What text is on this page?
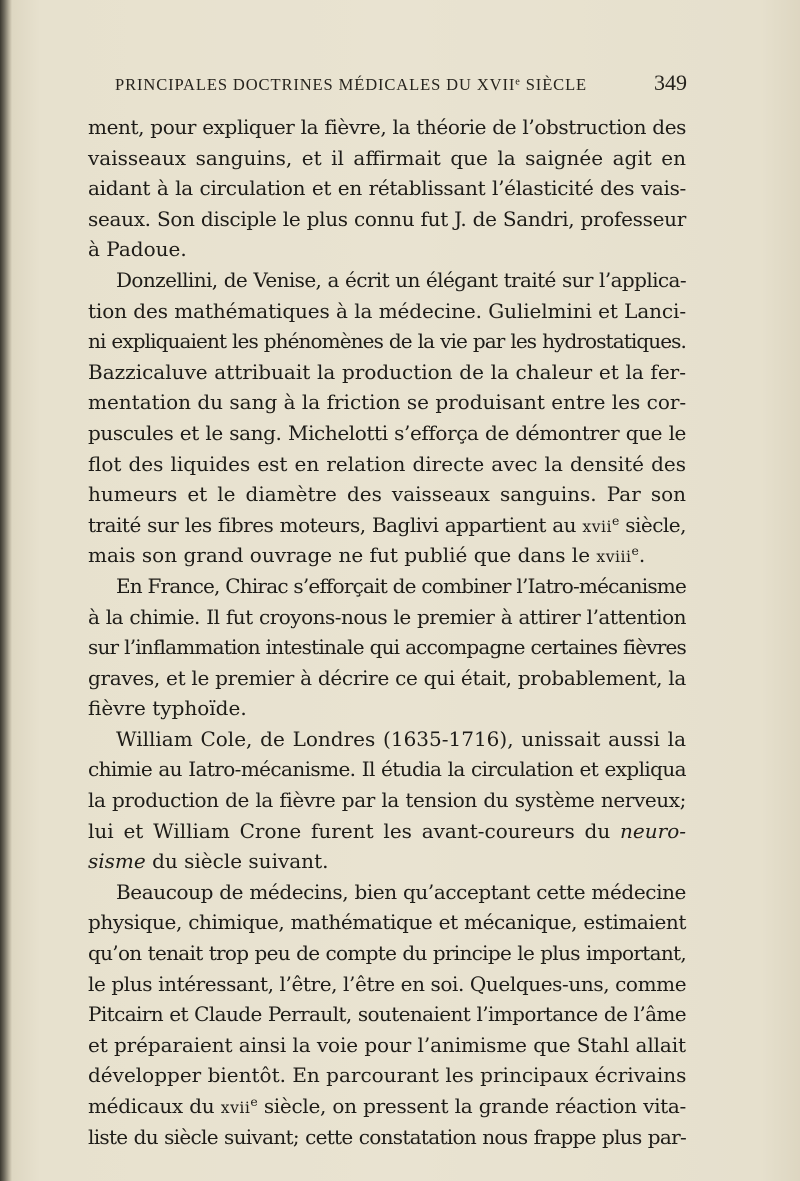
PRINCIPALES DOCTRINES MÉDICALES DU XVIIe SIÈCLE	349
ment, pour expliquer la fièvre, la théorie de l’obstruction des
vaisseaux sanguins, et il affirmait que la saignée agit en
aidant à la circulation et en rétablissant l’élasticité des vais-
seaux. Son disciple le plus connu fut J. de Sandri, professeur
à Padoue.
Donzellini, de Venise, a écrit un élégant traité sur l’applica-
tion des mathématiques à la médecine. Gulielmini et Lanci-
ni expliquaient les phénomènes de la vie par les hydrostatiques.
Bazzicaluve attribuait la production de la chaleur et la fer-
mentation du sang à la friction se produisant entre les cor-
puscules et le sang. Michelotti s’efforça de démontrer que le
flot des liquides est en relation directe avec la densité des
humeurs et le diamètre des vaisseaux sanguins. Par son
traité sur les fibres moteurs, Baglivi appartient au xvii$^e$ siècle,
mais son grand ouvrage ne fut publié que dans le xviii$^e$.
En France, Chirac s’efforçait de combiner l’Iatro-mécanisme
à la chimie. Il fut croyons-nous le premier à attirer l’attention
sur l’inflammation intestinale qui accompagne certaines fièvres
graves, et le premier à décrire ce qui était, probablement, la
fièvre typhoïde.
William Cole, de Londres (1635-1716), unissait aussi la
chimie au Iatro-mécanisme. Il étudia la circulation et expliqua
la production de la fièvre par la tension du système nerveux;
lui et William Crone furent les avant-coureurs du neuro-
sisme du siècle suivant.
Beaucoup de médecins, bien qu’acceptant cette médecine
physique, chimique, mathématique et mécanique, estimaient
qu’on tenait trop peu de compte du principe le plus important,
le plus intéressant, l’être, l’être en soi. Quelques-uns, comme
Pitcairn et Claude Perrault, soutenaient l’importance de l’âme
et préparaient ainsi la voie pour l’animisme que Stahl allait
développer bientôt. En parcourant les principaux écrivains
médicaux du xvii$^e$ siècle, on pressent la grande réaction vita-
liste du siècle suivant; cette constatation nous frappe plus par-
